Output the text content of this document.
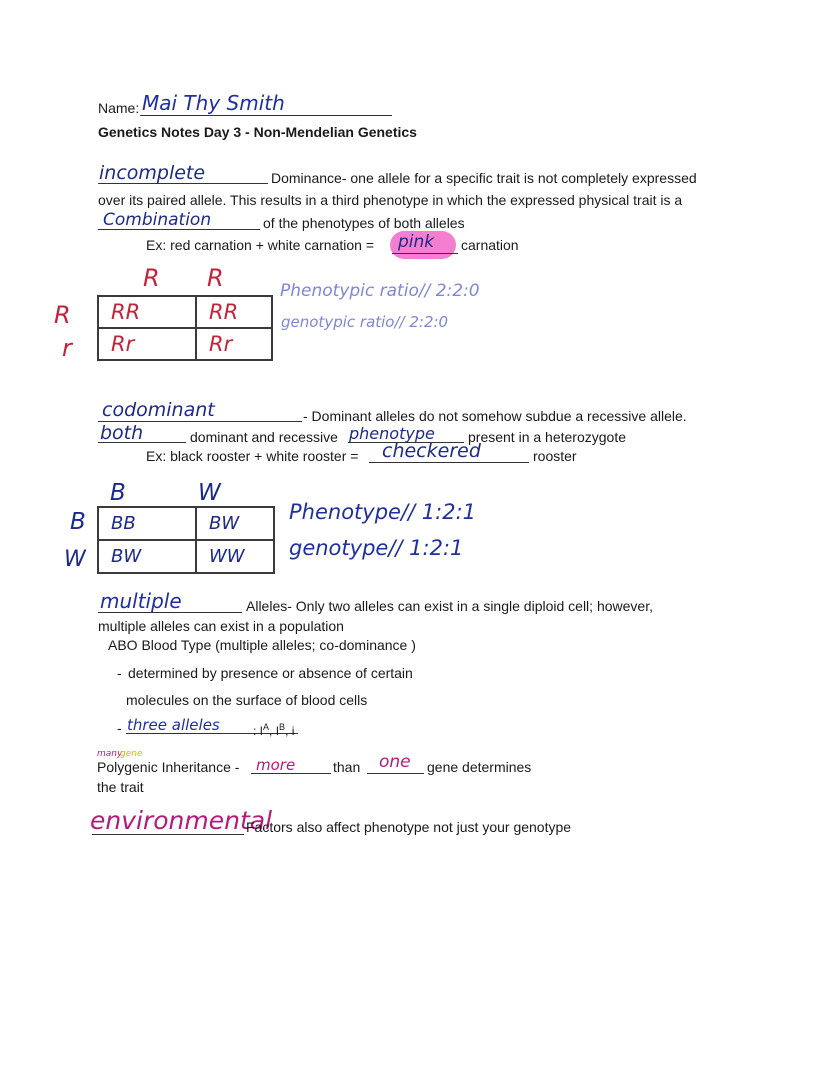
Name: Mai Thy Smith
Genetics Notes Day 3 - Non-Mendelian Genetics
incomplete	Dominance- one allele for a specific trait is not completely expressed
over its paired allele. This results in a third phenotype in which the expressed physical trait is a
Combination	of the phenotypes of both alleles
Ex: red carnation + white carnation = pink carnation
R R
R
r
RR	RR
Rr	Rr
Phenotypic ratio// 2:2:0
genotypic ratio// 2:2:0
codominant	- Dominant alleles do not somehow subdue a recessive allele.
both	dominant and recessive phenotype present in a heterozygote
Ex: black rooster + white rooster = checkered	rooster
B	W
B
W
BB	BW
BW	WW
Phenotype// 1:2:1
genotype// 1:2:1
multiple	Alleles- Only two alleles can exist in a single diploid cell; however,
multiple alleles can exist in a population
ABO Blood Type (multiple alleles; co-dominance )
- determined by presence or absence of certain
molecules on the surface of blood cells
- three alleles	: $I^A$, $I^B$, i
many
gene
Polygenic Inheritance - more	than one gene determines
the trait
environmental
Factors also affect phenotype not just your genotype
